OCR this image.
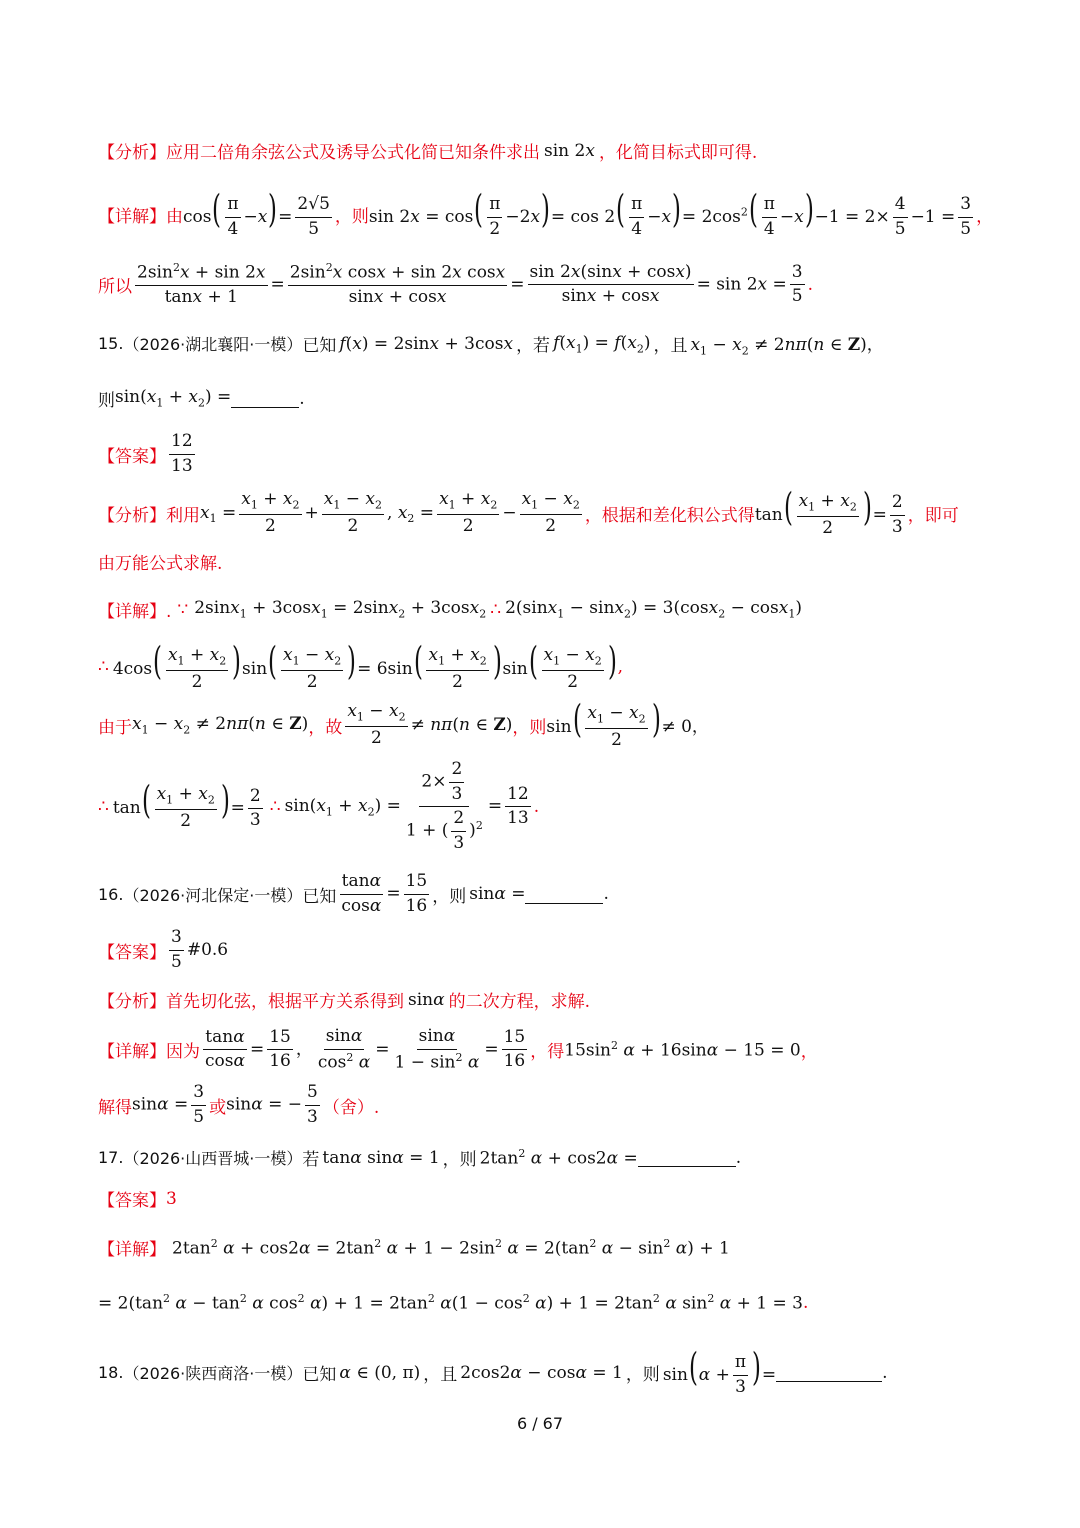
【分析】 应用二倍角余弦公式及诱导公式化简已知条件求出 sin 2x ，化简目标式即可得.
【详解】 由 $\cos( \frac{\pi}{4} -x)= \frac{2√5}{5}$ ，则 $\sin 2x = \cos( \frac{\pi}{2} -2x)= \cos 2( \frac{\pi}{4} -x)= 2\cos^2( \frac{\pi}{4} -x)-1 = 2\times \frac{4}{5} -1 = \frac{3}{5}$ ，
所以 $\frac{2\sin^2x + \sin 2x}{\tan x + 1} = \frac{2\sin^2x \cos x + \sin 2x \cos x}{\sin x + \cos x} = \frac{\sin 2x(\sin x + \cos x)}{\sin x + \cos x} = \sin 2x = \frac{3}{5}$ .
15. （2026·湖北襄阳·一模） 已知 f(x) = 2sinx + 3cosx ，若 $f(x_1) = f(x_2)$ ，且 $x_1 - x_2 \ne 2n\pi(n$ ∈ Z)，
则 $\sin(x_1 + x_2)$ =	.
【答案】 $\frac{12}{13}$
【分析】 利用 $x_1 = \frac{x_1 + x_2}{2} + \frac{x_1 - x_2}{2}$ , $x_2 = \frac{x_1 + x_2}{2} - \frac{x_1 - x_2}{2}$ ，根据和差化积公式得 $\tan( \frac{x_1 + x_2}{2}$ )= $\frac{2}{3}$ ，即可
由万能公式求解.
【详解】. ∵ 2sinx$_1$ + 3cosx$_1$ = 2sinx$_2$ + 3cosx$_2$ ∴ 2(sinx$_1$ − sinx$_2$) = 3(cosx$_2$ − cosx$_1$)
∴ $4\cos( \frac{x_1 + x_2}{2} )\sin( \frac{x_1 - x_2}{2}$ )= $6\sin( \frac{x_1 + x_2}{2} )\sin( \frac{x_1 - x_2}{2}$ ) ,
由于 $x_1 - x_2 \ne 2n\pi(n$ ∈ Z) ，故 $\frac{x_1 - x_2}{2} \ne n\pi(n$ ∈ Z) ，则 $\sin( \frac{x_1 - x_2}{2}$ )≠ 0，
∴ $\tan( \frac{x_1 + x_2}{2}$ )= $\frac{2}{3}$ ∴ $\sin(x_1 + x_2) = \frac{2\times \frac{2}{3}}{1 + ( \frac{2}{3} )^2} = \frac{12}{13}$ .
16. （2026·河北保定·一模） 已知 $\frac{\tan\alpha}{\cos\alpha} = \frac{15}{16}$ ，则 sinα =	.
【答案】 $\frac{3}{5}$ #0.6
【分析】 首先切化弦，根据平方关系得到 sinα 的二次方程，求解.
【详解】 因为 $\frac{\tan\alpha}{\cos\alpha} = \frac{15}{16}$ ， $\frac{\sin\alpha}{\cos^2 \alpha} = \frac{\sin\alpha}{1 - \sin^2 \alpha} = \frac{15}{16}$ ，得 $15\sin^2$ α + 16sinα − 15 = 0 ，
解得 $\sin\alpha = \frac{3}{5}$ 或 sinα = − $\frac{5}{3}$ （舍）.
17. （2026·山西晋城·一模） 若 tanα sinα = 1 ，则 $2\tan^2$ α + cos2α =	.
【答案】 3
【详解】 $2\tan^2$ $\alpha + \cos 2\alpha = 2\tan^2$ $\alpha + 1 - 2\sin^2$ $\alpha = 2(\tan^2$ $\alpha - \sin^2 \alpha) + 1$
= $2(\tan^2$ $\alpha - \tan^2 \alpha$ $\cos^2 \alpha) + 1 = 2\tan^2$ $\alpha(1 - \cos^2 \alpha) + 1 = 2\tan^2$ α $\sin^2 \alpha + 1 = 3$ .
18. （2026·陕西商洛·一模） 已知 α ∈ (0, π) ，且 2cos2α − cosα = 1 ，则 $\sin(\alpha + \frac{\pi}{3}$ )=	.
6 / 67
